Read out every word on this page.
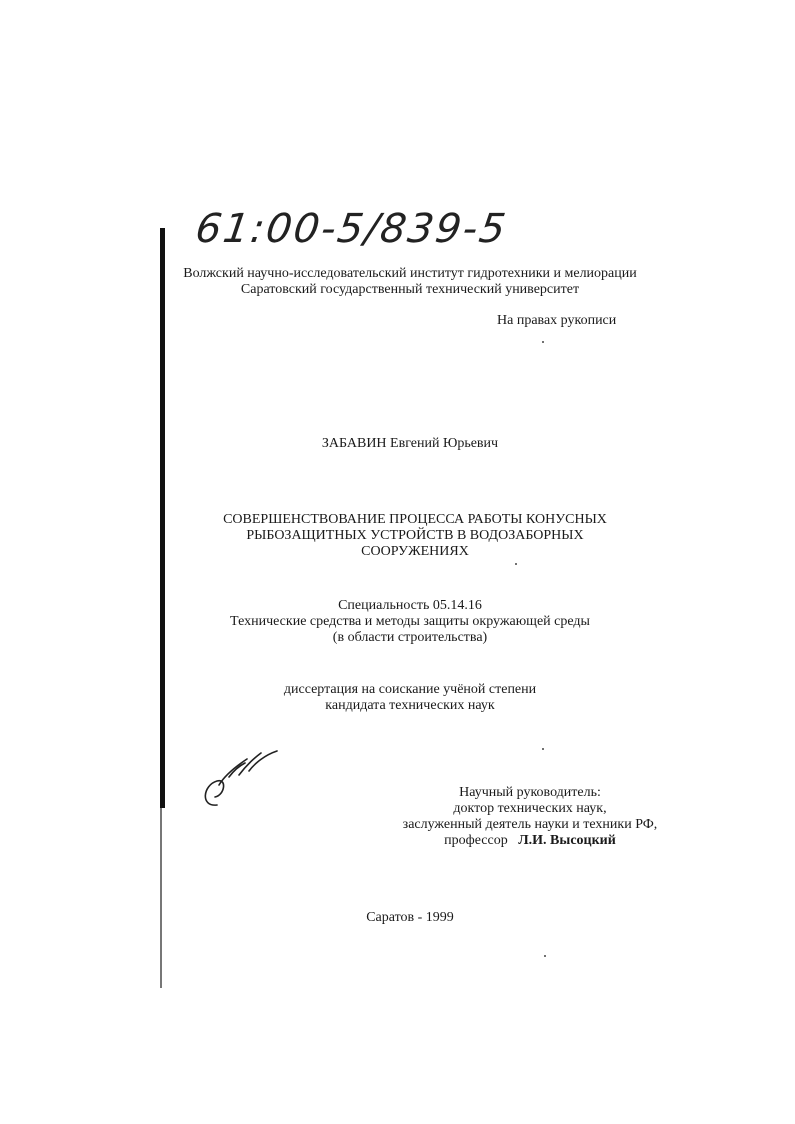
61:00-5/839-5
Волжский научно-исследовательский институт гидротехники и мелиорации
Саратовский государственный технический университет
На правах рукописи
ЗАБАВИН Евгений Юрьевич
СОВЕРШЕНСТВОВАНИЕ ПРОЦЕССА РАБОТЫ КОНУСНЫХ
РЫБОЗАЩИТНЫХ УСТРОЙСТВ В ВОДОЗАБОРНЫХ
СООРУЖЕНИЯХ
Специальность 05.14.16
Технические средства и методы защиты окружающей среды
(в области строительства)
диссертация на соискание учёной степени
кандидата технических наук
Научный руководитель:
доктор технических наук,
заслуженный деятель науки и техники РФ,
профессор Л.И. Высоцкий
Саратов - 1999
